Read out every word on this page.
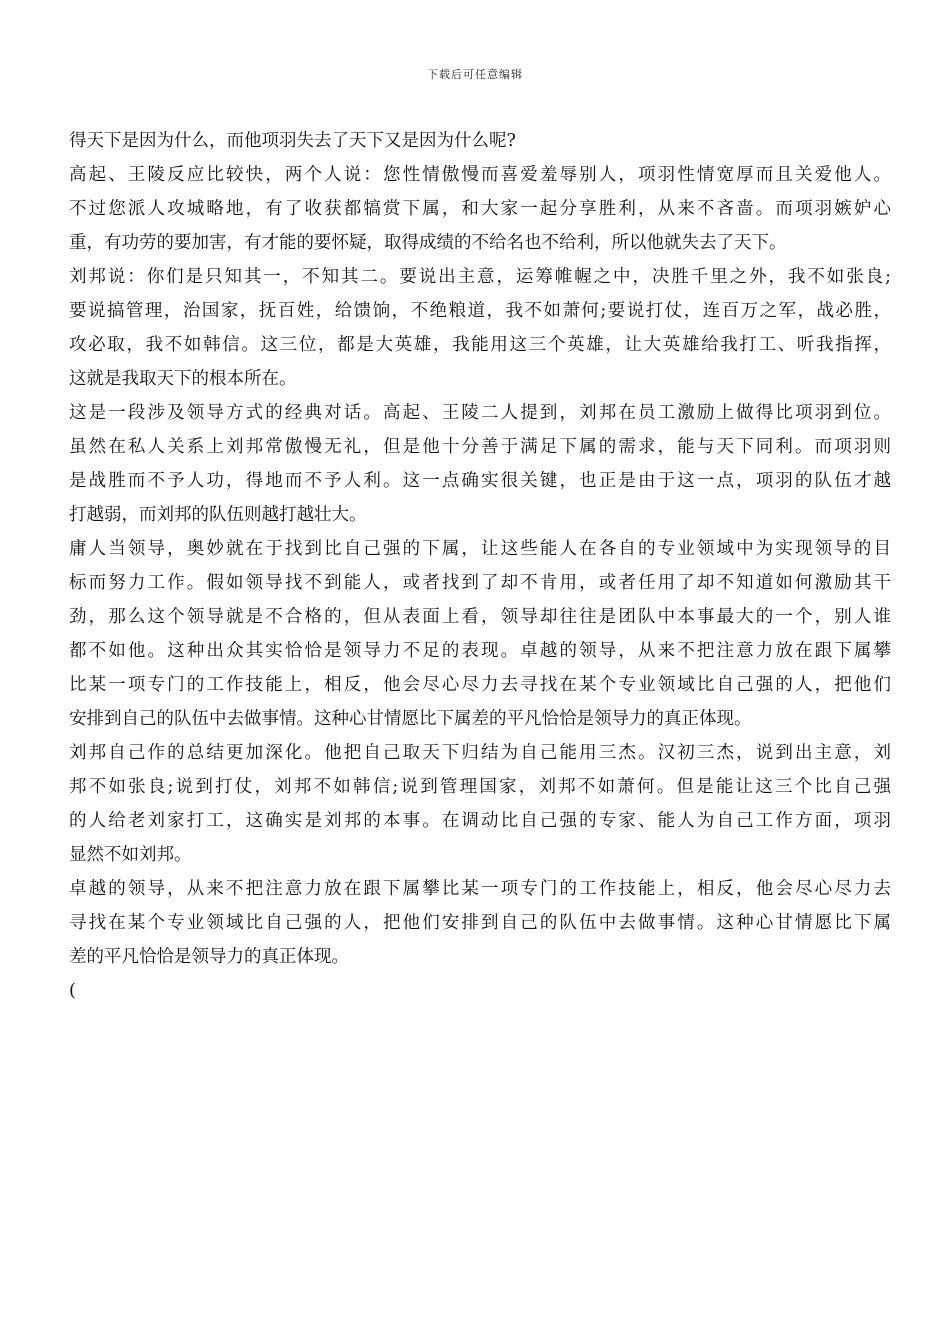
下载后可任意编辑
得天下是因为什么，而他项羽失去了天下又是因为什么呢?
高起、王陵反应比较快，两个人说：您性情傲慢而喜爱羞辱别人，项羽性情宽厚而且关爱他人。
不过您派人攻城略地，有了收获都犒赏下属，和大家一起分享胜利，从来不吝啬。而项羽嫉妒心
重，有功劳的要加害，有才能的要怀疑，取得成绩的不给名也不给利，所以他就失去了天下。
刘邦说：你们是只知其一，不知其二。要说出主意，运筹帷幄之中，决胜千里之外，我不如张良;
要说搞管理，治国家，抚百姓，给馈饷，不绝粮道，我不如萧何;要说打仗，连百万之军，战必胜，
攻必取，我不如韩信。这三位，都是大英雄，我能用这三个英雄，让大英雄给我打工、听我指挥，
这就是我取天下的根本所在。
这是一段涉及领导方式的经典对话。高起、王陵二人提到，刘邦在员工激励上做得比项羽到位。
虽然在私人关系上刘邦常傲慢无礼，但是他十分善于满足下属的需求，能与天下同利。而项羽则
是战胜而不予人功，得地而不予人利。这一点确实很关键，也正是由于这一点，项羽的队伍才越
打越弱，而刘邦的队伍则越打越壮大。
庸人当领导，奥妙就在于找到比自己强的下属，让这些能人在各自的专业领域中为实现领导的目
标而努力工作。假如领导找不到能人，或者找到了却不肯用，或者任用了却不知道如何激励其干
劲，那么这个领导就是不合格的，但从表面上看，领导却往往是团队中本事最大的一个，别人谁
都不如他。这种出众其实恰恰是领导力不足的表现。卓越的领导，从来不把注意力放在跟下属攀
比某一项专门的工作技能上，相反，他会尽心尽力去寻找在某个专业领域比自己强的人，把他们
安排到自己的队伍中去做事情。这种心甘情愿比下属差的平凡恰恰是领导力的真正体现。
刘邦自己作的总结更加深化。他把自己取天下归结为自己能用三杰。汉初三杰，说到出主意，刘
邦不如张良;说到打仗，刘邦不如韩信;说到管理国家，刘邦不如萧何。但是能让这三个比自己强
的人给老刘家打工，这确实是刘邦的本事。在调动比自己强的专家、能人为自己工作方面，项羽
显然不如刘邦。
卓越的领导，从来不把注意力放在跟下属攀比某一项专门的工作技能上，相反，他会尽心尽力去
寻找在某个专业领域比自己强的人，把他们安排到自己的队伍中去做事情。这种心甘情愿比下属
差的平凡恰恰是领导力的真正体现。
(
